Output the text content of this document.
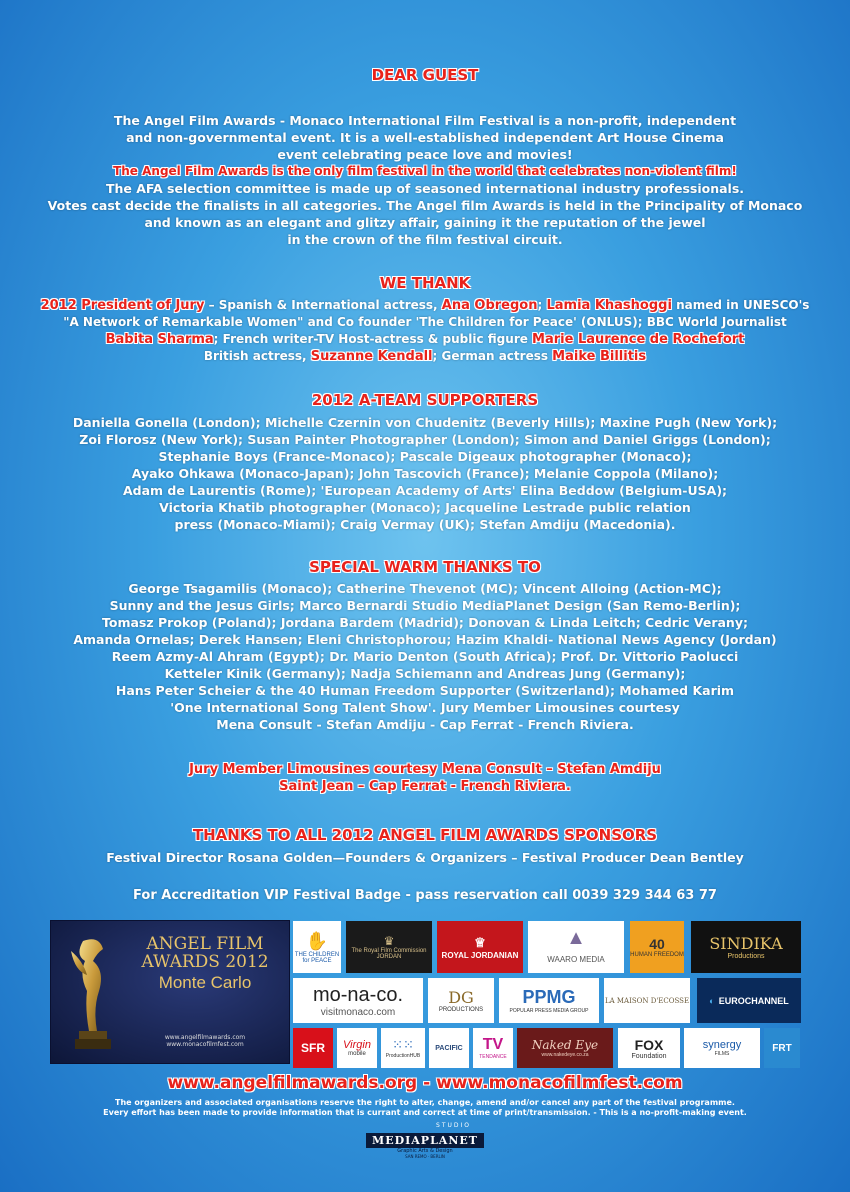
DEAR GUEST

The Angel Film Awards - Monaco International Film Festival is a non-profit, independent

and non-governmental event. It is a well-established independent Art House Cinema

event celebrating peace love and movies!

The Angel Film Awards is the only film festival in the world that celebrates non-violent film!

The AFA selection committee is made up of seasoned international industry professionals.

Votes cast decide the finalists in all categories. The Angel film Awards is held in the Principality of Monaco

and known as an elegant and glitzy affair, gaining it the reputation of the jewel

in the crown of the film festival circuit.

WE THANK

2012 President of Jury – Spanish & International actress, Ana Obregon; Lamia Khashoggi named in UNESCO's

"A Network of Remarkable Women" and Co founder 'The Children for Peace' (ONLUS); BBC World Journalist

Babita Sharma; French writer-TV Host-actress & public figure Marie Laurence de Rochefort

British actress, Suzanne Kendall; German actress Maike Billitis

2012 A-TEAM SUPPORTERS

Daniella Gonella (London); Michelle Czernin von Chudenitz (Beverly Hills); Maxine Pugh (New York);

Zoi Florosz (New York); Susan Painter Photographer (London); Simon and Daniel Griggs (London);

Stephanie Boys (France-Monaco); Pascale Digeaux photographer (Monaco);

Ayako Ohkawa (Monaco-Japan); John Tascovich (France); Melanie Coppola (Milano);

Adam de Laurentis (Rome); 'European Academy of Arts' Elina Beddow (Belgium-USA);

Victoria Khatib photographer (Monaco); Jacqueline Lestrade public relation

press (Monaco-Miami); Craig Vermay (UK); Stefan Amdiju (Macedonia).

SPECIAL WARM THANKS TO

George Tsagamilis (Monaco); Catherine Thevenot (MC); Vincent Alloing (Action-MC);

Sunny and the Jesus Girls; Marco Bernardi Studio MediaPlanet Design (San Remo-Berlin);

Tomasz Prokop (Poland); Jordana Bardem (Madrid); Donovan & Linda Leitch; Cedric Verany;

Amanda Ornelas; Derek Hansen; Eleni Christophorou; Hazim Khaldi- National News Agency (Jordan)

Reem Azmy-Al Ahram (Egypt); Dr. Mario Denton (South Africa); Prof. Dr. Vittorio Paolucci

Ketteler Kinik (Germany); Nadja Schiemann and Andreas Jung (Germany);

Hans Peter Scheier & the 40 Human Freedom Supporter (Switzerland); Mohamed Karim

'One International Song Talent Show'. Jury Member Limousines courtesy

Mena Consult - Stefan Amdiju - Cap Ferrat - French Riviera.

Jury Member Limousines courtesy Mena Consult – Stefan Amdiju
Saint Jean – Cap Ferrat - French Riviera.
THANKS TO ALL 2012 ANGEL FILM AWARDS SPONSORS
Festival Director Rosana Golden—Founders & Organizers – Festival Producer Dean Bentley
For Accreditation VIP Festival Badge - pass reservation call 0039 329 344 63 77
ANGEL FILM
AWARDS 2012
Monte Carlo
www.angelfilmawards.com
www.monacofilmfest.com
✋
THE CHILDREN for PEACE
♛
The Royal Film Commission
JORDAN
♕
ROYAL JORDANIAN
▲
WAARO MEDIA
40
HUMAN FREEDOM
SINDIKA
Productions
mo-na-co.
visitmonaco.com
DG
PRODUCTIONS
PPMG
POPULAR PRESS MEDIA GROUP
LA MAISON D'ECOSSE ◐ EUROCHANNEL
SFR	Virgin
mobile
⁙⁙
ProductionHUB
PACIFIC	TV
TENDANCE
Naked Eye
www.nakedeye.co.za
FOX
Foundation
synergy
FILMS
FRT
www.angelfilmawards.org - www.monacofilmfest.com
The organizers and associated organisations reserve the right to alter, change, amend and/or cancel any part of the festival programme.
Every effort has been made to provide information that is currant and correct at time of print/transmission. - This is a no-profit-making event.
STUDIO
MEDIAPLANET
Graphic Arts & Design
SAN REMO · BERLIN
